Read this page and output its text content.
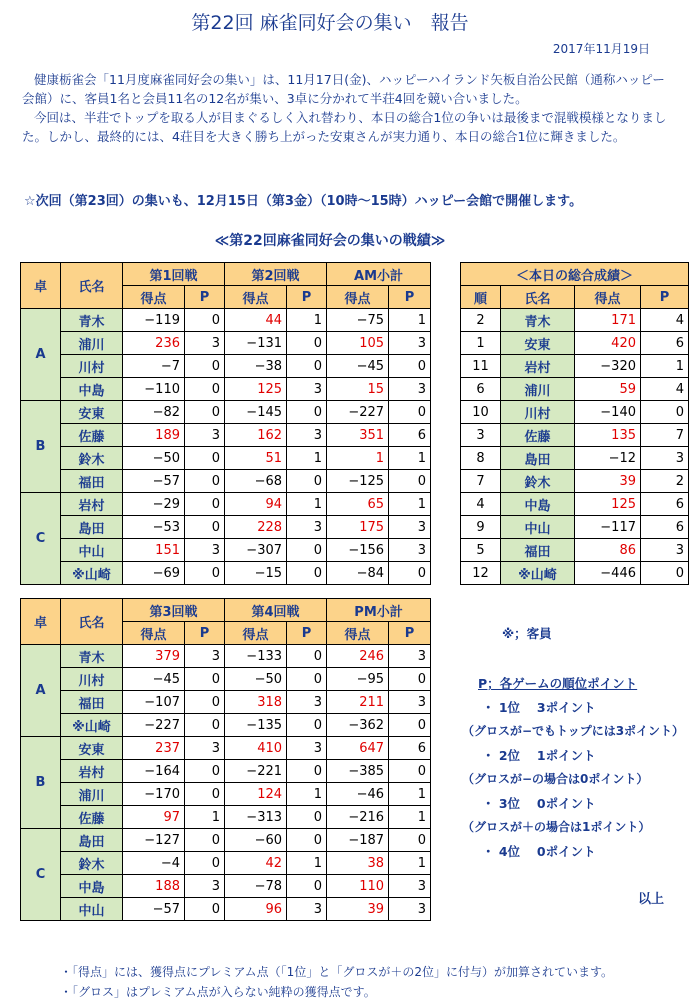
第22回 麻雀同好会の集い　報告
2017年11月19日

健康栃雀会「11月度麻雀同好会の集い」は、11月17日(金)、ハッピーハイランド矢板自治公民館（通称ハッピー会館）に、客員1名と会員11名の12名が集い、3卓に分かれて半荘4回を競い合いました。

今回は、半荘でトップを取る人が目まぐるしく入れ替わり、本日の総合1位の争いは最後まで混戦模様となりました。しかし、最終的には、4荘目を大きく勝ち上がった安東さんが実力通り、本日の総合1位に輝きました。

☆次回（第23回）の集いも、12月15日（第3金）（10時〜15時）ハッピー会館で開催します。
≪第22回麻雀同好会の集いの戦績≫
卓	氏名	第1回戦		第2回戦		AM小計	
		得点	P	得点	P	得点	P
A	青木	−119	0	44	1	−75	1
	浦川	236	3	−131	0	105	3
	川村	−7	0	−38	0	−45	0
	中島	−110	0	125	3	15	3
B	安東	−82	0	−145	0	−227	0
	佐藤	189	3	162	3	351	6
	鈴木	−50	0	51	1	1	1
	福田	−57	0	−68	0	−125	0
C	岩村	−29	0	94	1	65	1
	島田	−53	0	228	3	175	3
	中山	151	3	−307	0	−156	3
	※山崎	−69	0	−15	0	−84	0
卓	氏名	第3回戦		第4回戦		PM小計	
		得点	P	得点	P	得点	P
A	青木	379	3	−133	0	246	3
	川村	−45	0	−50	0	−95	0
	福田	−107	0	318	3	211	3
	※山崎	−227	0	−135	0	−362	0
B	安東	237	3	410	3	647	6
	岩村	−164	0	−221	0	−385	0
	浦川	−170	0	124	1	−46	1
	佐藤	97	1	−313	0	−216	1
C	島田	−127	0	−60	0	−187	0
	鈴木	−4	0	42	1	38	1
	中島	188	3	−78	0	110	3
	中山	−57	0	96	3	39	3
＜本日の総合成績＞			
順	氏名	得点	P
2	青木	171	4
1	安東	420	6
11	岩村	−320	1
6	浦川	59	4
10	川村	−140	0
3	佐藤	135	7
8	島田	−12	3
7	鈴木	39	2
4	中島	125	6
9	中山	−117	6
5	福田	86	3
12	※山崎	−446	0
※；客員
P；各ゲームの順位ポイント
・ 1位　 3ポイント
（グロスが−でもトップには3ポイント）
・ 2位　 1ポイント
（グロスが−の場合は0ポイント）
・ 3位　 0ポイント
（グロスが＋の場合は1ポイント）
・ 4位　 0ポイント
以上
・「得点」には、獲得点にプレミアム点（「1位」と「グロスが＋の2位」に付与）が加算されています。
・「グロス」はプレミアム点が入らない純粋の獲得点です。
